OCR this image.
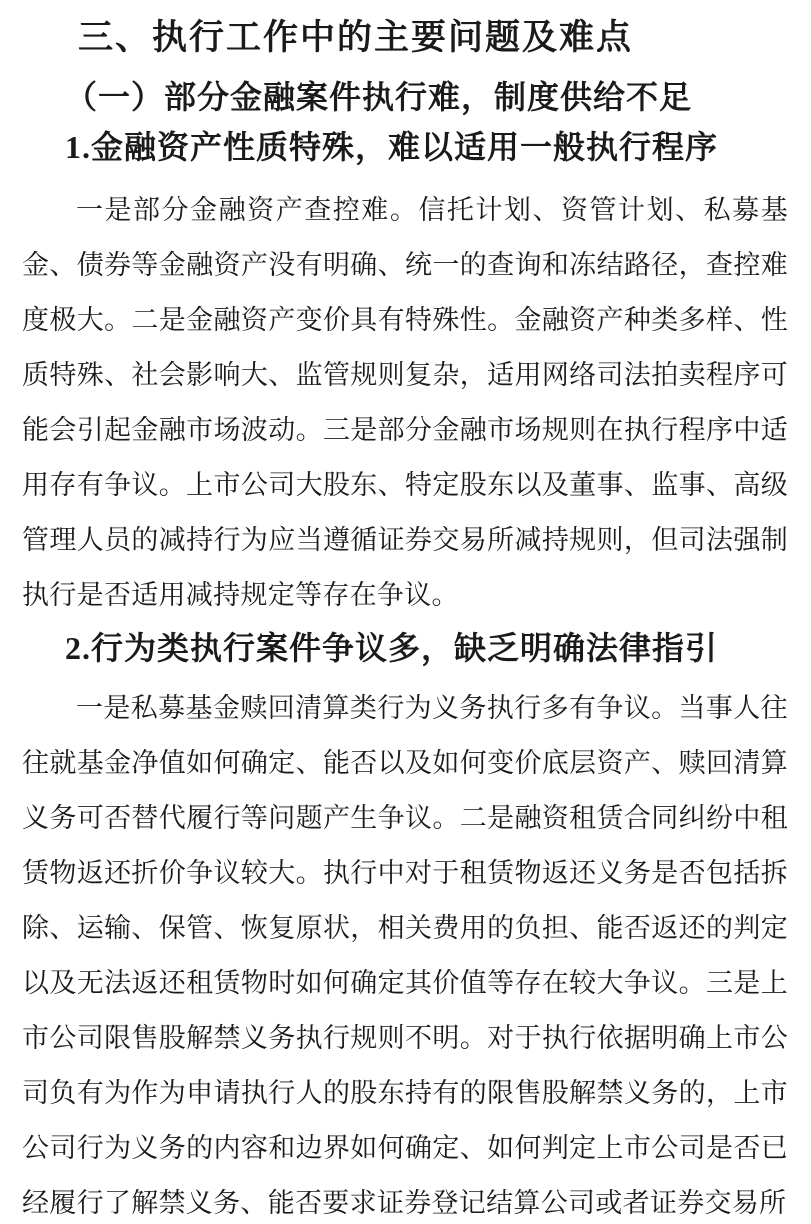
三、执行工作中的主要问题及难点
（一）部分金融案件执行难，制度供给不足
1.金融资产性质特殊，难以适用一般执行程序

一是部分金融资产查控难。信托计划、资管计划、私募基金、债券等金融资产没有明确、统一的查询和冻结路径，查控难度极大。二是金融资产变价具有特殊性。金融资产种类多样、性质特殊、社会影响大、监管规则复杂，适用网络司法拍卖程序可能会引起金融市场波动。三是部分金融市场规则在执行程序中适用存有争议。上市公司大股东、特定股东以及董事、监事、高级管理人员的减持行为应当遵循证券交易所减持规则，但司法强制执行是否适用减持规定等存在争议。

2.行为类执行案件争议多，缺乏明确法律指引

一是私募基金赎回清算类行为义务执行多有争议。当事人往往就基金净值如何确定、能否以及如何变价底层资产、赎回清算义务可否替代履行等问题产生争议。二是融资租赁合同纠纷中租赁物返还折价争议较大。执行中对于租赁物返还义务是否包括拆除、运输、保管、恢复原状，相关费用的负担、能否返还的判定以及无法返还租赁物时如何确定其价值等存在较大争议。三是上市公司限售股解禁义务执行规则不明。对于执行依据明确上市公司负有为作为申请执行人的股东持有的限售股解禁义务的，上市公司行为义务的内容和边界如何确定、如何判定上市公司是否已经履行了解禁义务、能否要求证券登记结算公司或者证券交易所
